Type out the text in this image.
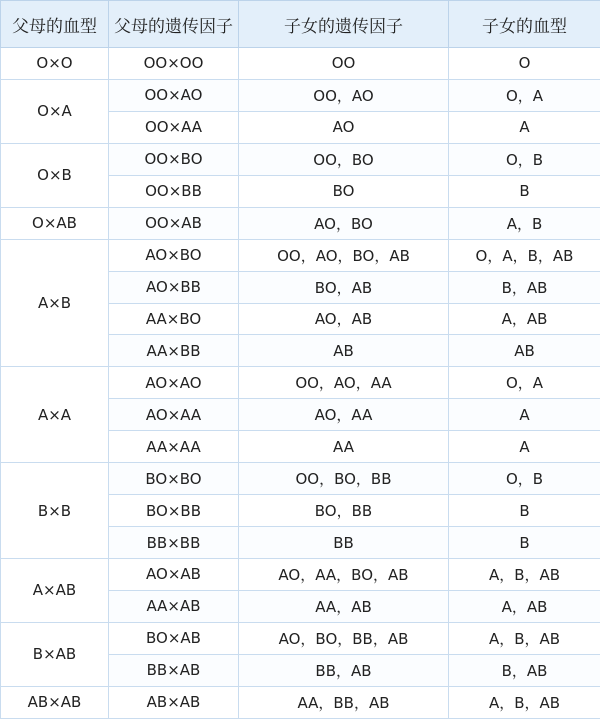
父母的血型	父母的遗传因子	子女的遗传因子	子女的血型
O×O	OO×OO	OO	O
O×A	OO×AO	OO，AO	O，A
	OO×AA	AO	A
O×B	OO×BO	OO，BO	O，B
	OO×BB	BO	B
O×AB	OO×AB	AO，BO	A，B
A×B	AO×BO	OO，AO，BO，AB	O，A，B，AB
	AO×BB	BO，AB	B，AB
	AA×BO	AO，AB	A，AB
	AA×BB	AB	AB
A×A	AO×AO	OO，AO，AA	O，A
	AO×AA	AO，AA	A
	AA×AA	AA	A
B×B	BO×BO	OO，BO，BB	O，B
	BO×BB	BO，BB	B
	BB×BB	BB	B
A×AB	AO×AB	AO，AA，BO，AB	A，B，AB
	AA×AB	AA，AB	A，AB
B×AB	BO×AB	AO，BO，BB，AB	A，B，AB
	BB×AB	BB，AB	B，AB
AB×AB	AB×AB	AA，BB，AB	A，B，AB
